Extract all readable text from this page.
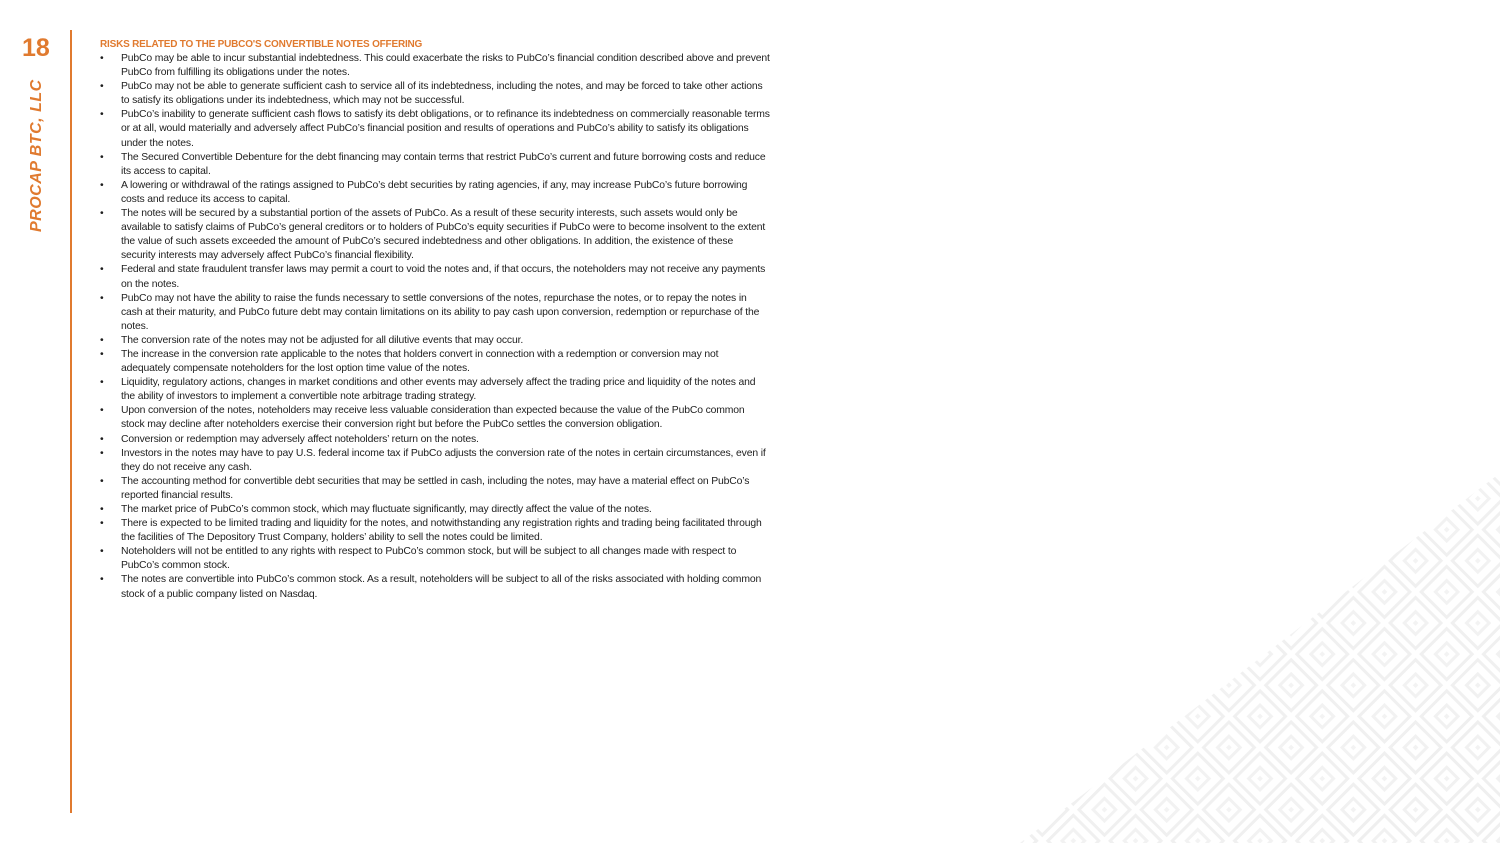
18
PROCAP BTC, LLC
RISKS RELATED TO THE PUBCO'S CONVERTIBLE NOTES OFFERING
• PubCo may be able to incur substantial indebtedness. This could exacerbate the risks to PubCo’s financial condition described above and prevent PubCo from fulfilling its obligations under the notes.
• PubCo may not be able to generate sufficient cash to service all of its indebtedness, including the notes, and may be forced to take other actions to satisfy its obligations under its indebtedness, which may not be successful.
• PubCo’s inability to generate sufficient cash flows to satisfy its debt obligations, or to refinance its indebtedness on commercially reasonable terms or at all, would materially and adversely affect PubCo’s financial position and results of operations and PubCo’s ability to satisfy its obligations under the notes.
• The Secured Convertible Debenture for the debt financing may contain terms that restrict PubCo’s current and future borrowing costs and reduce its access to capital.
• A lowering or withdrawal of the ratings assigned to PubCo’s debt securities by rating agencies, if any, may increase PubCo’s future borrowing costs and reduce its access to capital.
• The notes will be secured by a substantial portion of the assets of PubCo. As a result of these security interests, such assets would only be available to satisfy claims of PubCo’s general creditors or to holders of PubCo’s equity securities if PubCo were to become insolvent to the extent the value of such assets exceeded the amount of PubCo’s secured indebtedness and other obligations. In addition, the existence of these security interests may adversely affect PubCo’s financial flexibility.
• Federal and state fraudulent transfer laws may permit a court to void the notes and, if that occurs, the noteholders may not receive any payments on the notes.
• PubCo may not have the ability to raise the funds necessary to settle conversions of the notes, repurchase the notes, or to repay the notes in cash at their maturity, and PubCo future debt may contain limitations on its ability to pay cash upon conversion, redemption or repurchase of the notes.
• The conversion rate of the notes may not be adjusted for all dilutive events that may occur.
• The increase in the conversion rate applicable to the notes that holders convert in connection with a redemption or conversion may not adequately compensate noteholders for the lost option time value of the notes.
• Liquidity, regulatory actions, changes in market conditions and other events may adversely affect the trading price and liquidity of the notes and the ability of investors to implement a convertible note arbitrage trading strategy.
• Upon conversion of the notes, noteholders may receive less valuable consideration than expected because the value of the PubCo common stock may decline after noteholders exercise their conversion right but before the PubCo settles the conversion obligation.
• Conversion or redemption may adversely affect noteholders’ return on the notes.
• Investors in the notes may have to pay U.S. federal income tax if PubCo adjusts the conversion rate of the notes in certain circumstances, even if they do not receive any cash.
• The accounting method for convertible debt securities that may be settled in cash, including the notes, may have a material effect on PubCo’s reported financial results.
• The market price of PubCo’s common stock, which may fluctuate significantly, may directly affect the value of the notes.
• There is expected to be limited trading and liquidity for the notes, and notwithstanding any registration rights and trading being facilitated through the facilities of The Depository Trust Company, holders’ ability to sell the notes could be limited.
• Noteholders will not be entitled to any rights with respect to PubCo’s common stock, but will be subject to all changes made with respect to PubCo’s common stock.
• The notes are convertible into PubCo’s common stock. As a result, noteholders will be subject to all of the risks associated with holding common stock of a public company listed on Nasdaq.
